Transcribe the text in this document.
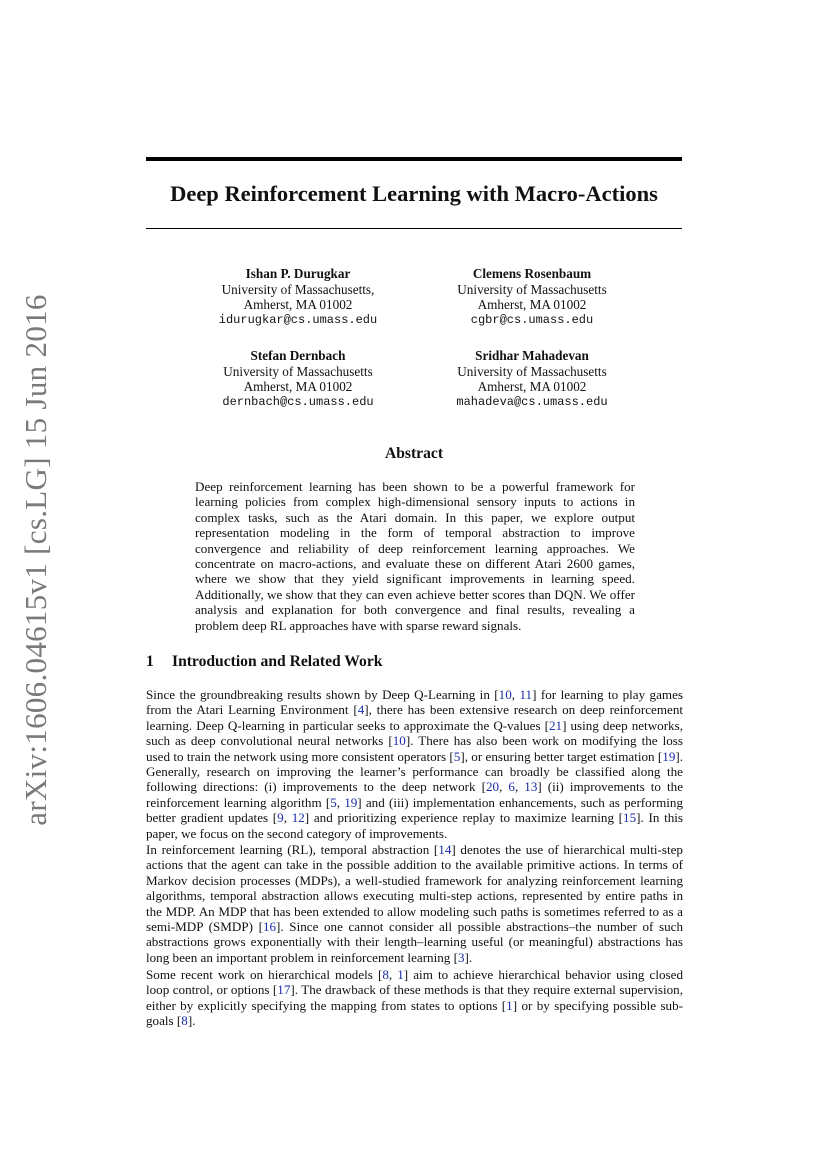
arXiv:1606.04615v1 [cs.LG] 15 Jun 2016
Deep Reinforcement Learning with Macro-Actions
Ishan P. Durugkar
University of Massachusetts,
Amherst, MA 01002
idurugkar@cs.umass.edu
Clemens Rosenbaum
University of Massachusetts
Amherst, MA 01002
cgbr@cs.umass.edu
Stefan Dernbach
University of Massachusetts
Amherst, MA 01002
dernbach@cs.umass.edu
Sridhar Mahadevan
University of Massachusetts
Amherst, MA 01002
mahadeva@cs.umass.edu
Abstract
Deep reinforcement learning has been shown to be a powerful framework for learning policies from complex high-dimensional sensory inputs to actions in complex tasks, such as the Atari domain. In this paper, we explore output representation modeling in the form of temporal abstraction to improve convergence and reliability of deep reinforcement learning approaches. We concentrate on macro-actions, and evaluate these on different Atari 2600 games, where we show that they yield significant improvements in learning speed. Additionally, we show that they can even achieve better scores than DQN. We offer analysis and explanation for both convergence and final results, revealing a problem deep RL approaches have with sparse reward signals.
1 Introduction and Related Work

Since the groundbreaking results shown by Deep Q-Learning in [10, 11] for learning to play games from the Atari Learning Environment [4], there has been extensive research on deep reinforcement learning. Deep Q-learning in particular seeks to approximate the Q-values [21] using deep networks, such as deep convolutional neural networks [10]. There has also been work on modifying the loss used to train the network using more consistent operators [5], or ensuring better target estimation [19]. Generally, research on improving the learner’s performance can broadly be classified along the following directions: (i) improvements to the deep network [20, 6, 13] (ii) improvements to the reinforcement learning algorithm [5, 19] and (iii) implementation enhancements, such as performing better gradient updates [9, 12] and prioritizing experience replay to maximize learning [15]. In this paper, we focus on the second category of improvements.

In reinforcement learning (RL), temporal abstraction [14] denotes the use of hierarchical multi-step actions that the agent can take in the possible addition to the available primitive actions. In terms of Markov decision processes (MDPs), a well-studied framework for analyzing reinforcement learning algorithms, temporal abstraction allows executing multi-step actions, represented by entire paths in the MDP. An MDP that has been extended to allow modeling such paths is sometimes referred to as a semi-MDP (SMDP) [16]. Since one cannot consider all possible abstractions–the number of such abstractions grows exponentially with their length–learning useful (or meaningful) abstractions has long been an important problem in reinforcement learning [3].

Some recent work on hierarchical models [8, 1] aim to achieve hierarchical behavior using closed loop control, or options [17]. The drawback of these methods is that they require external supervision, either by explicitly specifying the mapping from states to options [1] or by specifying possible sub-goals [8].
